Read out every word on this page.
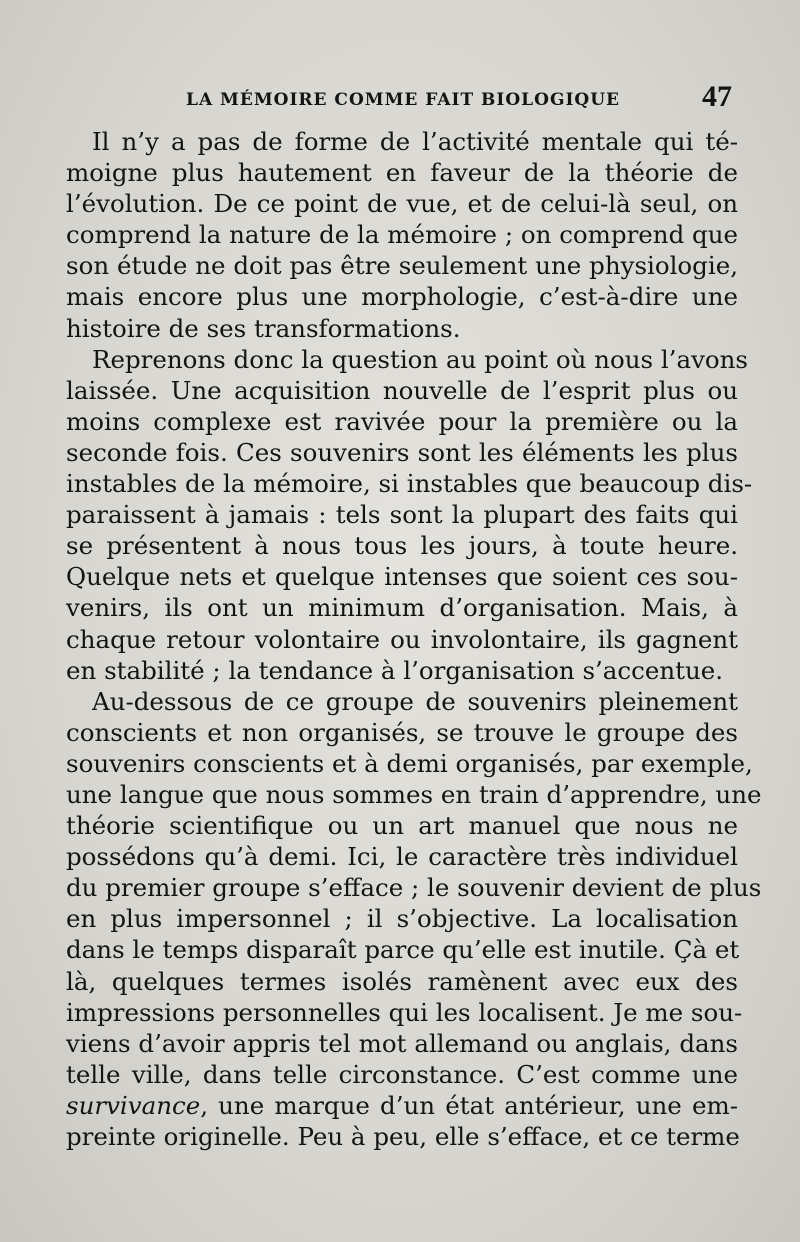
LA MÉMOIRE COMME FAIT BIOLOGIQUE	47
Il n’y a pas de forme de l’activité mentale qui té-
moigne plus hautement en faveur de la théorie de
l’évolution. De ce point de vue, et de celui-là seul, on
comprend la nature de la mémoire ; on comprend que
son étude ne doit pas être seulement une physiologie,
mais encore plus une morphologie, c’est-à-dire une
histoire de ses transformations.
Reprenons donc la question au point où nous l’avons
laissée. Une acquisition nouvelle de l’esprit plus ou
moins complexe est ravivée pour la première ou la
seconde fois. Ces souvenirs sont les éléments les plus
instables de la mémoire, si instables que beaucoup dis-
paraissent à jamais : tels sont la plupart des faits qui
se présentent à nous tous les jours, à toute heure.
Quelque nets et quelque intenses que soient ces sou-
venirs, ils ont un minimum d’organisation. Mais, à
chaque retour volontaire ou involontaire, ils gagnent
en stabilité ; la tendance à l’organisation s’accentue.
Au-dessous de ce groupe de souvenirs pleinement
conscients et non organisés, se trouve le groupe des
souvenirs conscients et à demi organisés, par exemple,
une langue que nous sommes en train d’apprendre, une
théorie scientifique ou un art manuel que nous ne
possédons qu’à demi. Ici, le caractère très individuel
du premier groupe s’efface ; le souvenir devient de plus
en plus impersonnel ; il s’objective. La localisation
dans le temps disparaît parce qu’elle est inutile. Çà et
là, quelques termes isolés ramènent avec eux des
impressions personnelles qui les localisent. Je me sou-
viens d’avoir appris tel mot allemand ou anglais, dans
telle ville, dans telle circonstance. C’est comme une
survivance, une marque d’un état antérieur, une em-
preinte originelle. Peu à peu, elle s’efface, et ce terme
